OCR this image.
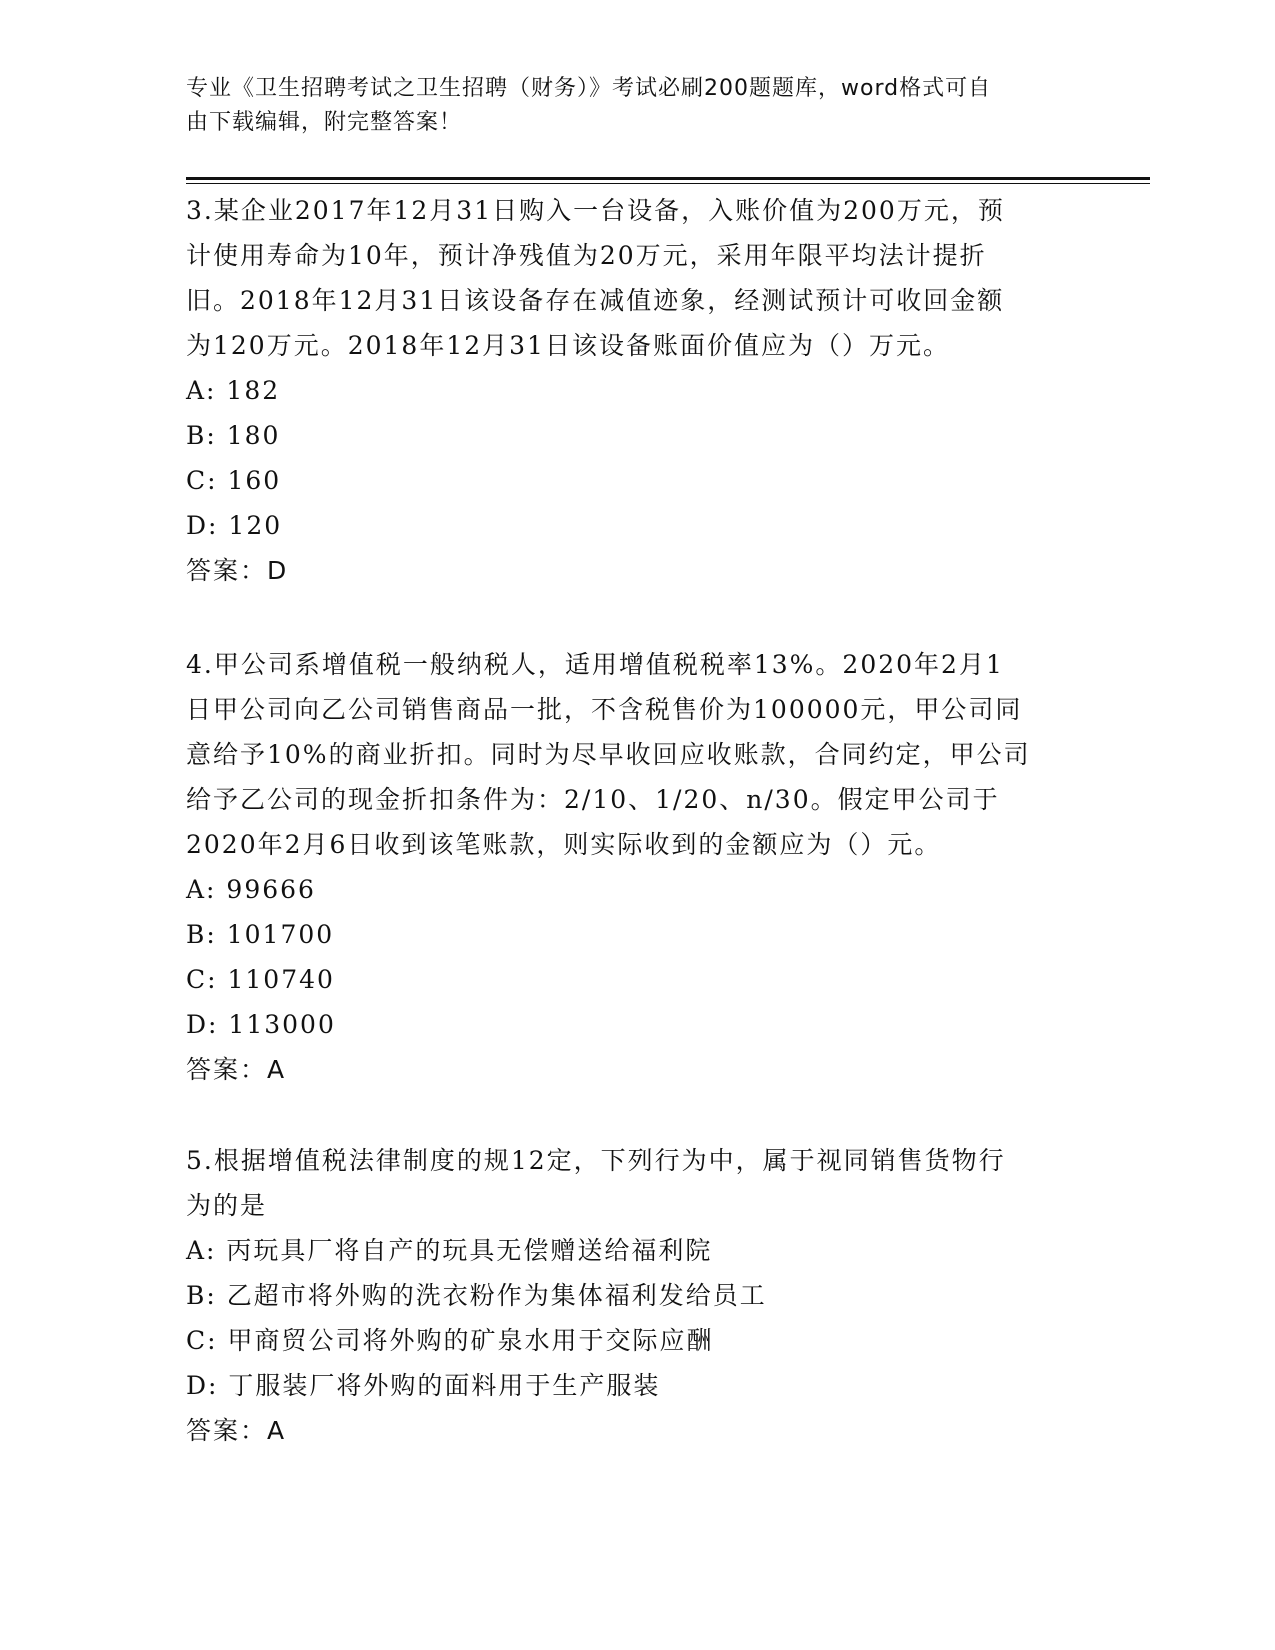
专业《卫生招聘考试之卫生招聘（财务）》考试必刷200题题库，word格式可自
由下载编辑，附完整答案！

3.某企业2017年12月31日购入一台设备，入账价值为200万元，预

计使用寿命为10年，预计净残值为20万元，采用年限平均法计提折

旧。2018年12月31日该设备存在减值迹象，经测试预计可收回金额

为120万元。2018年12月31日该设备账面价值应为（）万元。

A: 182

B: 180

C: 160

D: 120

答案：D

4.甲公司系增值税一般纳税人，适用增值税税率13%。2020年2月1

日甲公司向乙公司销售商品一批，不含税售价为100000元，甲公司同

意给予10%的商业折扣。同时为尽早收回应收账款，合同约定，甲公司

给予乙公司的现金折扣条件为：2/10、1/20、n/30。假定甲公司于

2020年2月6日收到该笔账款，则实际收到的金额应为（）元。

A: 99666

B: 101700

C: 110740

D: 113000

答案：A

5.根据增值税法律制度的规12定，下列行为中，属于视同销售货物行

为的是

A: 丙玩具厂将自产的玩具无偿赠送给福利院

B: 乙超市将外购的洗衣粉作为集体福利发给员工

C: 甲商贸公司将外购的矿泉水用于交际应酬

D: 丁服装厂将外购的面料用于生产服装

答案：A
